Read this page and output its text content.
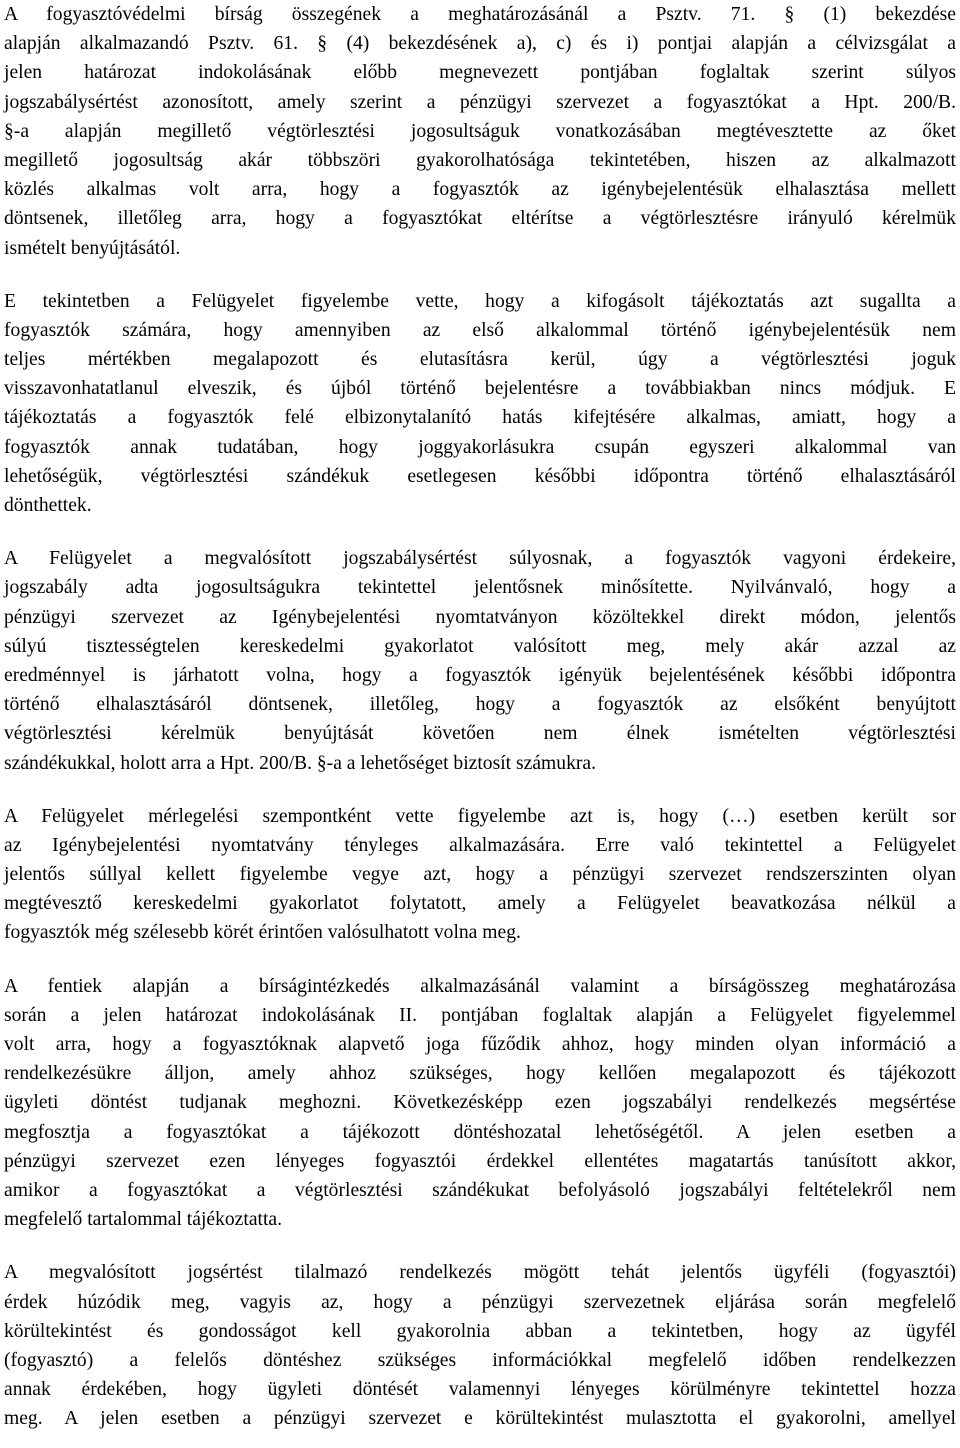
A fogyasztóvédelmi bírság összegének a meghatározásánál a Psztv. 71. § (1) bekezdése
alapján alkalmazandó Psztv. 61. § (4) bekezdésének a), c) és i) pontjai alapján a célvizsgálat a
jelen határozat indokolásának előbb megnevezett pontjában foglaltak szerint súlyos
jogszabálysértést azonosított, amely szerint a pénzügyi szervezet a fogyasztókat a Hpt. 200/B.
§-a alapján megillető végtörlesztési jogosultságuk vonatkozásában megtévesztette az őket
megillető jogosultság akár többszöri gyakorolhatósága tekintetében, hiszen az alkalmazott
közlés alkalmas volt arra, hogy a fogyasztók az igénybejelentésük elhalasztása mellett
döntsenek, illetőleg arra, hogy a fogyasztókat eltérítse a végtörlesztésre irányuló kérelmük
ismételt benyújtásától.
E tekintetben a Felügyelet figyelembe vette, hogy a kifogásolt tájékoztatás azt sugallta a
fogyasztók számára, hogy amennyiben az első alkalommal történő igénybejelentésük nem
teljes mértékben megalapozott és elutasításra kerül, úgy a végtörlesztési joguk
visszavonhatatlanul elveszik, és újból történő bejelentésre a továbbiakban nincs módjuk. E
tájékoztatás a fogyasztók felé elbizonytalanító hatás kifejtésére alkalmas, amiatt, hogy a
fogyasztók annak tudatában, hogy joggyakorlásukra csupán egyszeri alkalommal van
lehetőségük, végtörlesztési szándékuk esetlegesen későbbi időpontra történő elhalasztásáról
dönthettek.
A Felügyelet a megvalósított jogszabálysértést súlyosnak, a fogyasztók vagyoni érdekeire,
jogszabály adta jogosultságukra tekintettel jelentősnek minősítette. Nyilvánvaló, hogy a
pénzügyi szervezet az Igénybejelentési nyomtatványon közöltekkel direkt módon, jelentős
súlyú tisztességtelen kereskedelmi gyakorlatot valósított meg, mely akár azzal az
eredménnyel is járhatott volna, hogy a fogyasztók igényük bejelentésének későbbi időpontra
történő elhalasztásáról döntsenek, illetőleg, hogy a fogyasztók az elsőként benyújtott
végtörlesztési kérelmük benyújtását követően nem élnek ismételten végtörlesztési
szándékukkal, holott arra a Hpt. 200/B. §-a a lehetőséget biztosít számukra.
A Felügyelet mérlegelési szempontként vette figyelembe azt is, hogy (…) esetben került sor
az Igénybejelentési nyomtatvány tényleges alkalmazására. Erre való tekintettel a Felügyelet
jelentős súllyal kellett figyelembe vegye azt, hogy a pénzügyi szervezet rendszerszinten olyan
megtévesztő kereskedelmi gyakorlatot folytatott, amely a Felügyelet beavatkozása nélkül a
fogyasztók még szélesebb körét érintően valósulhatott volna meg.
A fentiek alapján a bírságintézkedés alkalmazásánál valamint a bírságösszeg meghatározása
során a jelen határozat indokolásának II. pontjában foglaltak alapján a Felügyelet figyelemmel
volt arra, hogy a fogyasztóknak alapvető joga fűződik ahhoz, hogy minden olyan információ a
rendelkezésükre álljon, amely ahhoz szükséges, hogy kellően megalapozott és tájékozott
ügyleti döntést tudjanak meghozni. Következésképp ezen jogszabályi rendelkezés megsértése
megfosztja a fogyasztókat a tájékozott döntéshozatal lehetőségétől. A jelen esetben a
pénzügyi szervezet ezen lényeges fogyasztói érdekkel ellentétes magatartás tanúsított akkor,
amikor a fogyasztókat a végtörlesztési szándékukat befolyásoló jogszabályi feltételekről nem
megfelelő tartalommal tájékoztatta.
A megvalósított jogsértést tilalmazó rendelkezés mögött tehát jelentős ügyféli (fogyasztói)
érdek húzódik meg, vagyis az, hogy a pénzügyi szervezetnek eljárása során megfelelő
körültekintést és gondosságot kell gyakorolnia abban a tekintetben, hogy az ügyfél
(fogyasztó) a felelős döntéshez szükséges információkkal megfelelő időben rendelkezzen
annak érdekében, hogy ügyleti döntését valamennyi lényeges körülményre tekintettel hozza
meg. A jelen esetben a pénzügyi szervezet e körültekintést mulasztotta el gyakorolni, amellyel
